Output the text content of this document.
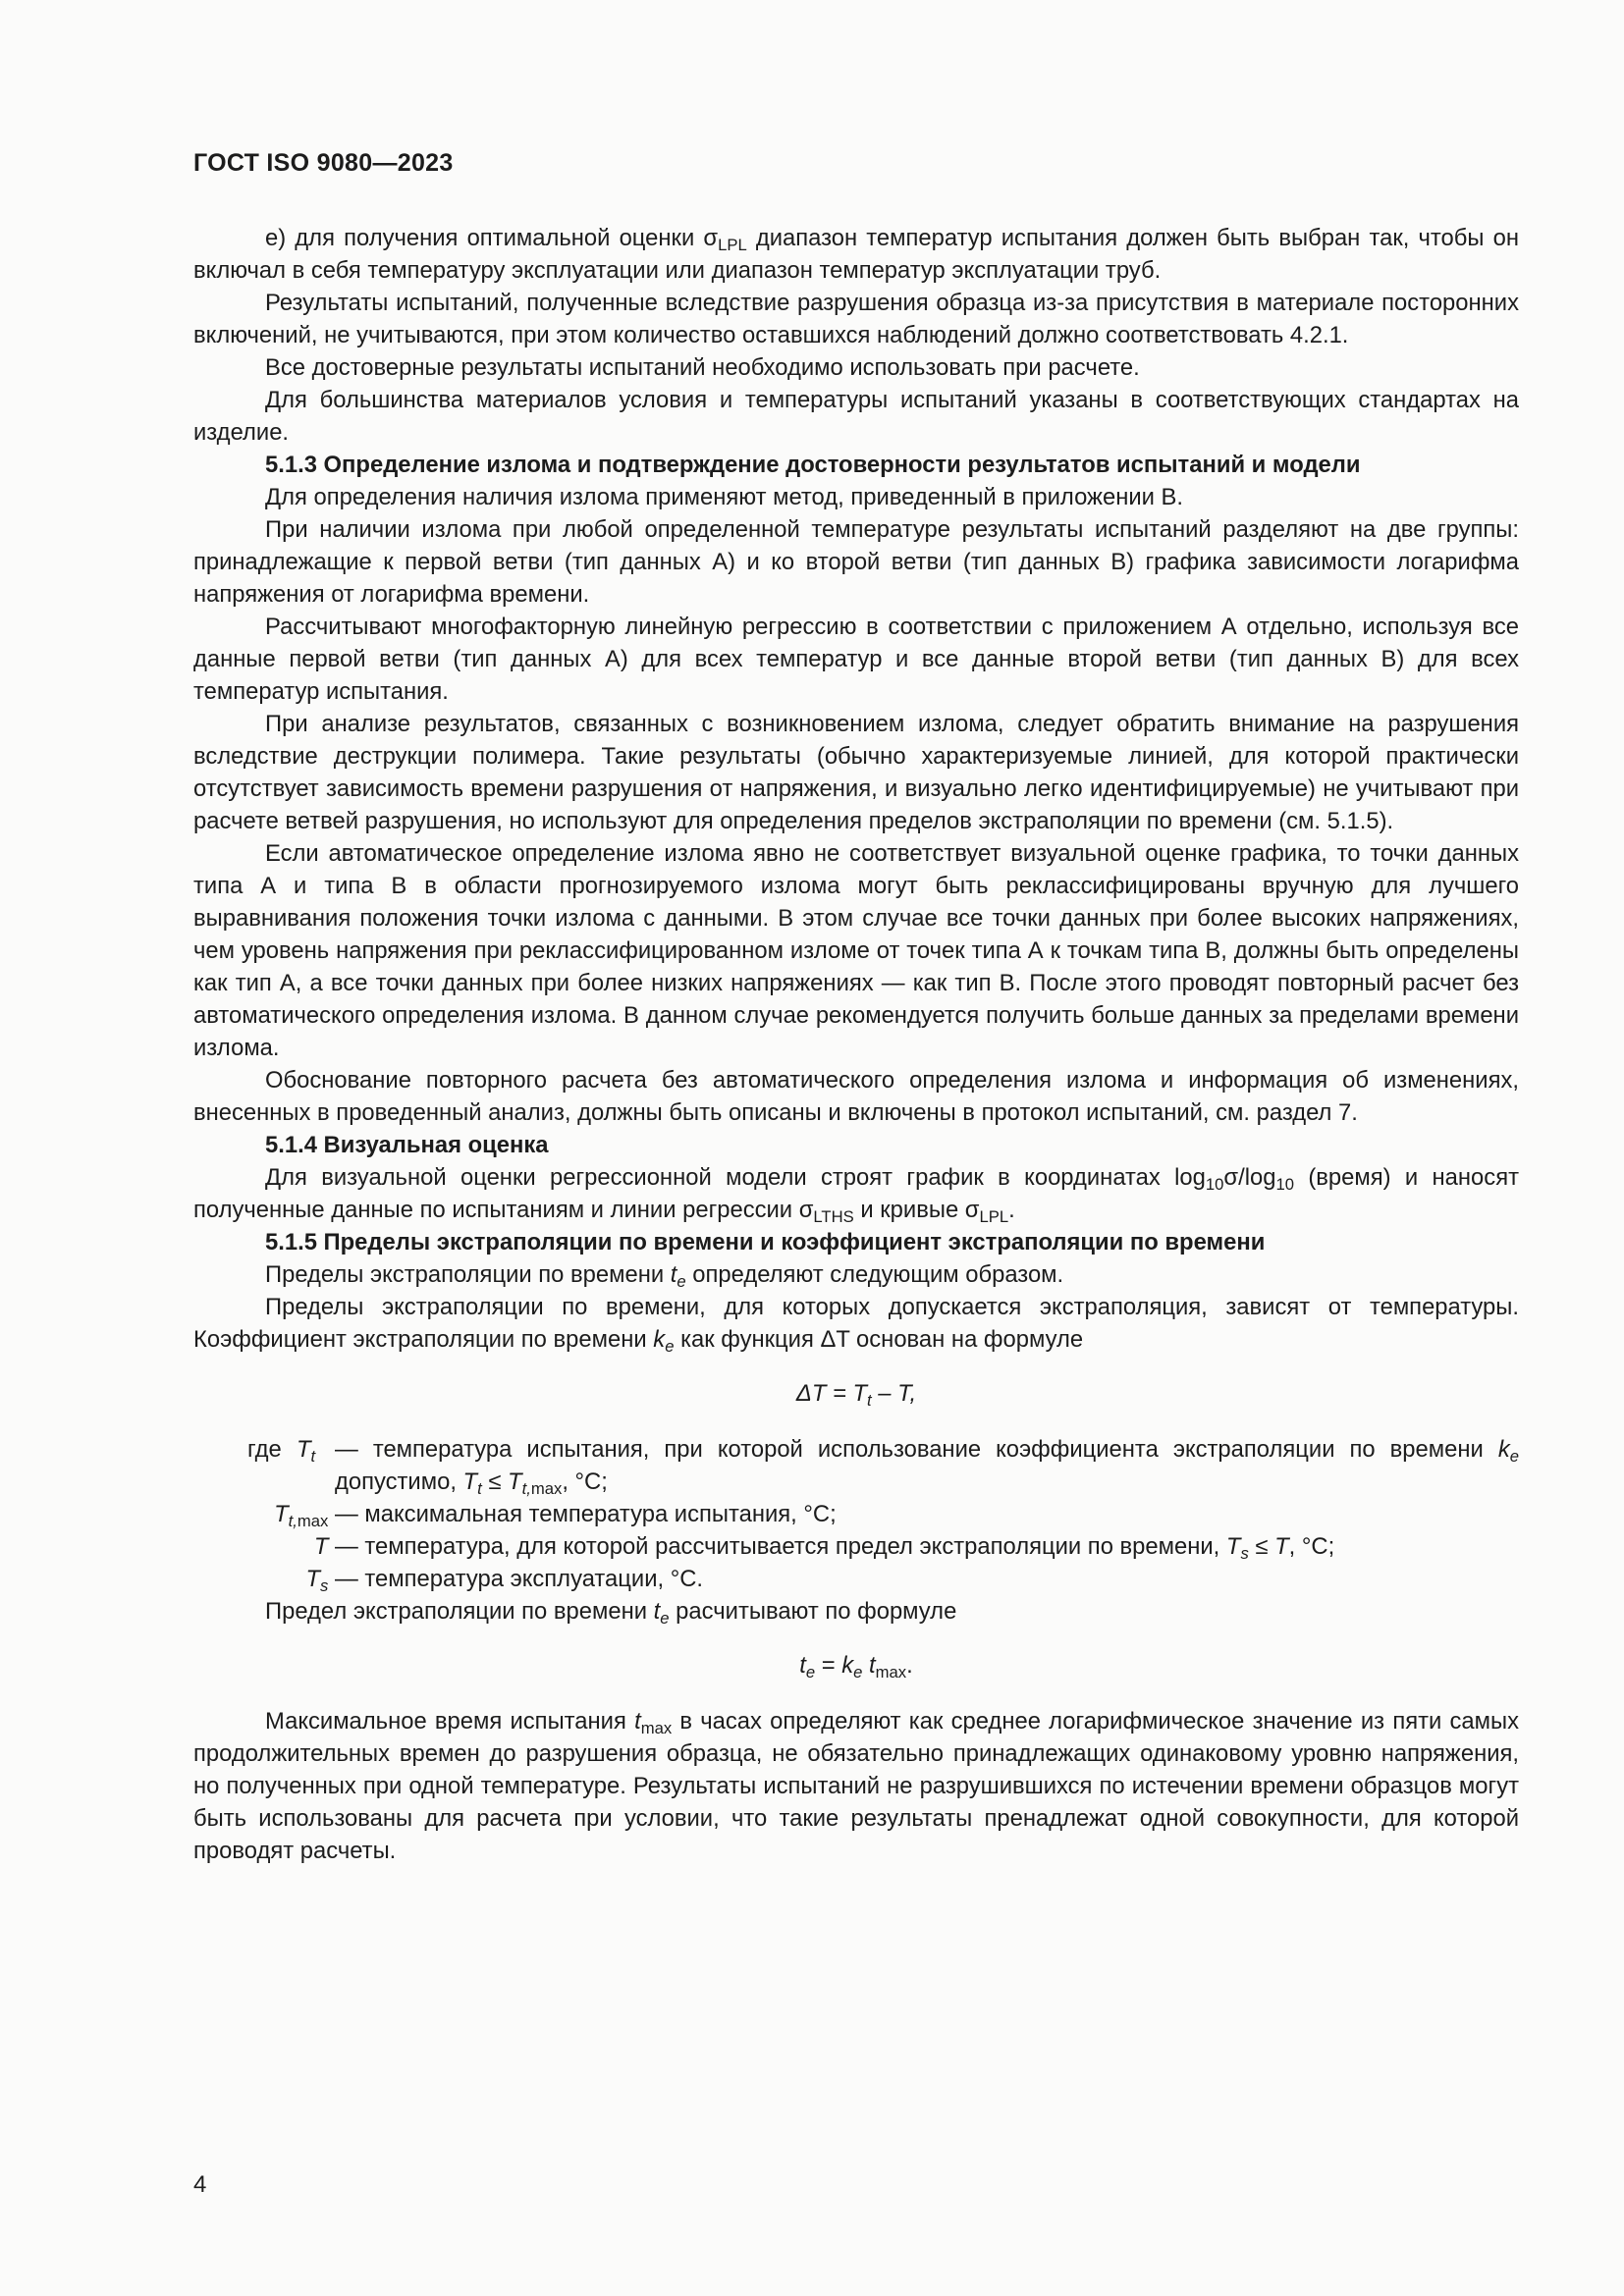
ГОСТ ISO 9080—2023

е) для получения оптимальной оценки $\sigma_{LPL}$ диапазон температур испытания должен быть выбран так, чтобы он включал в себя температуру эксплуатации или диапазон температур эксплуатации труб.

Результаты испытаний, полученные вследствие разрушения образца из-за присутствия в материале посторонних включений, не учитываются, при этом количество оставшихся наблюдений должно соответствовать 4.2.1.

Все достоверные результаты испытаний необходимо использовать при расчете.

Для большинства материалов условия и температуры испытаний указаны в соответствующих стандартах на изделие.

5.1.3 Определение излома и подтверждение достоверности результатов испытаний и модели

Для определения наличия излома применяют метод, приведенный в приложении В.

При наличии излома при любой определенной температуре результаты испытаний разделяют на две группы: принадлежащие к первой ветви (тип данных А) и ко второй ветви (тип данных В) графика зависимости логарифма напряжения от логарифма времени.

Рассчитывают многофакторную линейную регрессию в соответствии с приложением А отдельно, используя все данные первой ветви (тип данных А) для всех температур и все данные второй ветви (тип данных В) для всех температур испытания.

При анализе результатов, связанных с возникновением излома, следует обратить внимание на разрушения вследствие деструкции полимера. Такие результаты (обычно характеризуемые линией, для которой практически отсутствует зависимость времени разрушения от напряжения, и визуально легко идентифицируемые) не учитывают при расчете ветвей разрушения, но используют для определения пределов экстраполяции по времени (см. 5.1.5).

Если автоматическое определение излома явно не соответствует визуальной оценке графика, то точки данных типа А и типа В в области прогнозируемого излома могут быть реклассифицированы вручную для лучшего выравнивания положения точки излома с данными. В этом случае все точки данных при более высоких напряжениях, чем уровень напряжения при реклассифицированном изломе от точек типа А к точкам типа В, должны быть определены как тип А, а все точки данных при более низких напряжениях — как тип В. После этого проводят повторный расчет без автоматического определения излома. В данном случае рекомендуется получить больше данных за пределами времени излома.

Обоснование повторного расчета без автоматического определения излома и информация об изменениях, внесенных в проведенный анализ, должны быть описаны и включены в протокол испытаний, см. раздел 7.

5.1.4 Визуальная оценка

Для визуальной оценки регрессионной модели строят график в координатах $\log_{10}\sigma/\log_{10}$ (время) и наносят полученные данные по испытаниям и линии регрессии $\sigma_{LTHS}$ и кривые $\sigma_{LPL}$.

5.1.5 Пределы экстраполяции по времени и коэффициент экстраполяции по времени

Пределы экстраполяции по времени $t_e$ определяют следующим образом.

Пределы экстраполяции по времени, для которых допускается экстраполяция, зависят от температуры. Коэффициент экстраполяции по времени $k_e$ как функция ΔT основан на формуле

$\Delta T = T_t - T$,

где $T_t$ — температура испытания, при которой использование коэффициента экстраполяции по времени $k_e$ допустимо, $T_t \le T_{t,max}$, °C;
$T_{t,max}$ — максимальная температура испытания, °C;
T — температура, для которой рассчитывается предел экстраполяции по времени, $T_s \le T$, °C;
$T_s$ — температура эксплуатации, °C.

Предел экстраполяции по времени $t_e$ расчитывают по формуле

$t_e = k_e$ $t_{max}$.

Максимальное время испытания $t_{max}$ в часах определяют как среднее логарифмическое значение из пяти самых продолжительных времен до разрушения образца, не обязательно принадлежащих одинаковому уровню напряжения, но полученных при одной температуре. Результаты испытаний не разрушившихся по истечении времени образцов могут быть использованы для расчета при условии, что такие результаты пренадлежат одной совокупности, для которой проводят расчеты.

4
